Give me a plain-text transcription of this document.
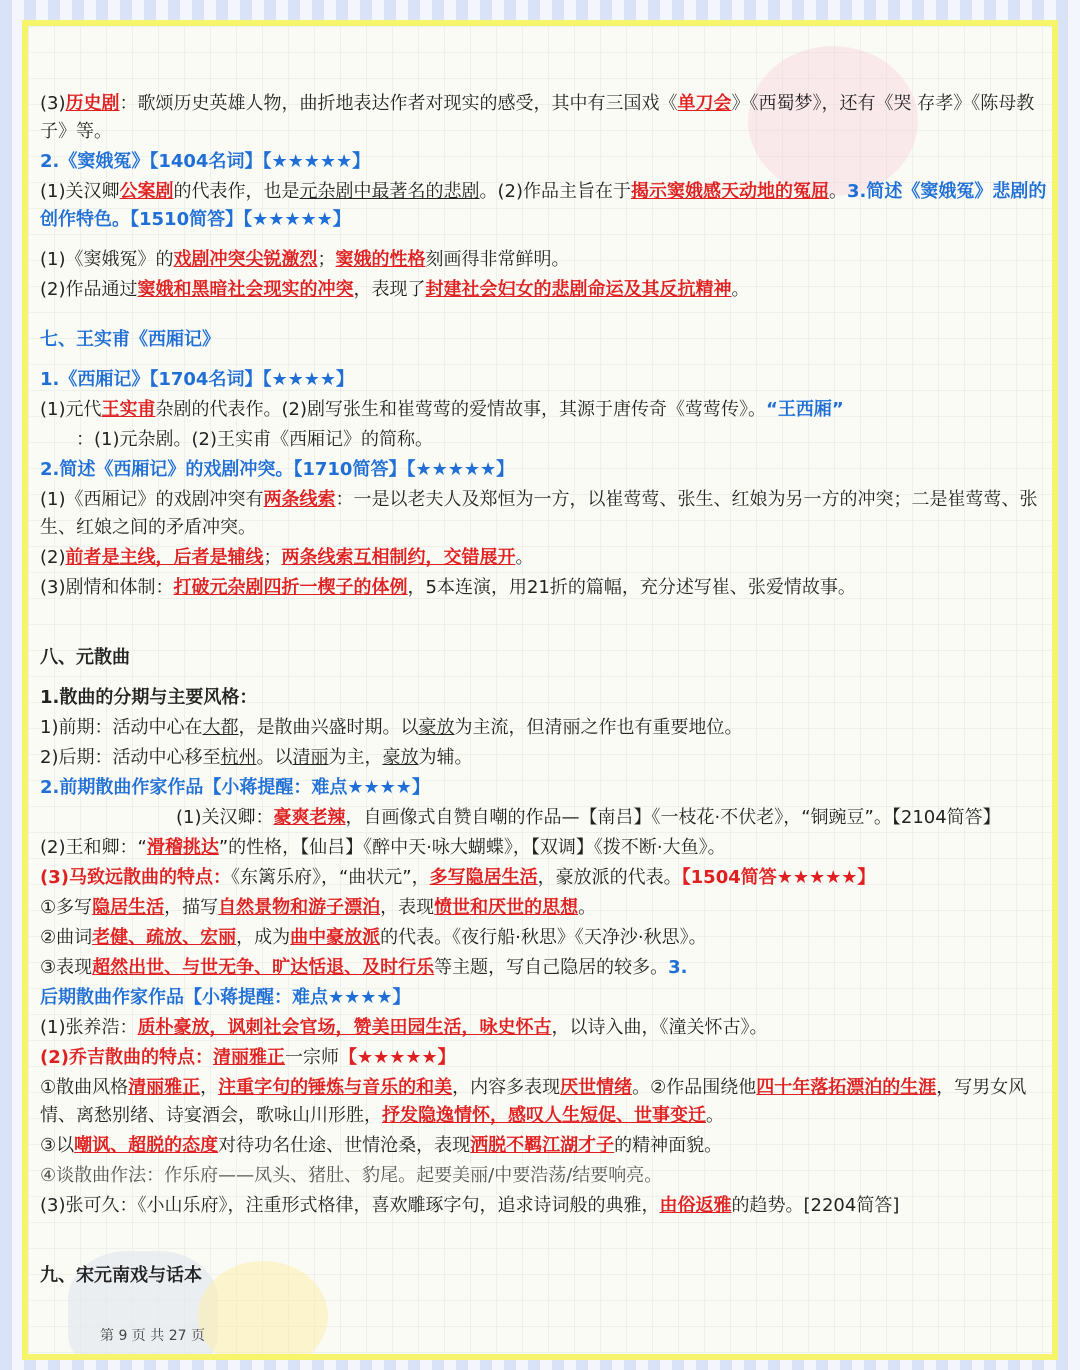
(3)历史剧：歌颂历史英雄人物，曲折地表达作者对现实的感受，其中有三国戏《单刀会》《西蜀梦》，还有《哭 存孝》《陈母教子》等。
2.《窦娥冤》【1404名词】【★★★★★】
(1)关汉卿公案剧的代表作，也是元杂剧中最著名的悲剧。(2)作品主旨在于揭示窦娥感天动地的冤屈。3.简述《窦娥冤》悲剧的创作特色。【1510简答】【★★★★★】
(1)《窦娥冤》的戏剧冲突尖锐激烈；窦娥的性格刻画得非常鲜明。
(2)作品通过窦娥和黑暗社会现实的冲突，表现了封建社会妇女的悲剧命运及其反抗精神。
七、王实甫《西厢记》
1.《西厢记》【1704名词】【★★★★】
(1)元代王实甫杂剧的代表作。(2)剧写张生和崔莺莺的爱情故事，其源于唐传奇《莺莺传》。“王西厢”
：(1)元杂剧。(2)王实甫《西厢记》的简称。
2.简述《西厢记》的戏剧冲突。【1710简答】【★★★★★】
(1)《西厢记》的戏剧冲突有两条线索：一是以老夫人及郑恒为一方，以崔莺莺、张生、红娘为另一方的冲突；二是崔莺莺、张生、红娘之间的矛盾冲突。
(2)前者是主线，后者是辅线；两条线索互相制约，交错展开。
(3)剧情和体制：打破元杂剧四折一楔子的体例，5本连演，用21折的篇幅，充分述写崔、张爱情故事。
八、元散曲
1.散曲的分期与主要风格：
1)前期：活动中心在大都，是散曲兴盛时期。以豪放为主流，但清丽之作也有重要地位。
2)后期：活动中心移至杭州。以清丽为主，豪放为辅。
2.前期散曲作家作品【小蒋提醒：难点★★★★】
(1)关汉卿：豪爽老辣，自画像式自赞自嘲的作品—【南吕】《一枝花·不伏老》，“铜豌豆”。【2104简答】
(2)王和卿：“滑稽挑达”的性格，【仙吕】《醉中天·咏大蝴蝶》，【双调】《拨不断·大鱼》。
(3)马致远散曲的特点：《东篱乐府》，“曲状元”，多写隐居生活，豪放派的代表。【1504简答★★★★★】
①多写隐居生活，描写自然景物和游子漂泊，表现愤世和厌世的思想。
②曲词老健、疏放、宏丽，成为曲中豪放派的代表。《夜行船·秋思》《天净沙·秋思》。
③表现超然出世、与世无争、旷达恬退、及时行乐等主题，写自己隐居的较多。3.
后期散曲作家作品【小蒋提醒：难点★★★★】
(1)张养浩：质朴豪放，讽刺社会官场，赞美田园生活，咏史怀古，以诗入曲，《潼关怀古》。
(2)乔吉散曲的特点：清丽雅正一宗师【★★★★★】
①散曲风格清丽雅正，注重字句的锤炼与音乐的和美，内容多表现厌世情绪。②作品围绕他四十年落拓漂泊的生涯，写男女风情、离愁别绪、诗宴酒会，歌咏山川形胜，抒发隐逸情怀，感叹人生短促、世事变迁。
③以嘲讽、超脱的态度对待功名仕途、世情沧桑，表现洒脱不羁江湖才子的精神面貌。
④谈散曲作法：作乐府——凤头、猪肚、豹尾。起要美丽/中要浩荡/结要响亮。
(3)张可久：《小山乐府》，注重形式格律，喜欢雕琢字句，追求诗词般的典雅，由俗返雅的趋势。[2204简答]
九、宋元南戏与话本
第 9 页 共 27 页
